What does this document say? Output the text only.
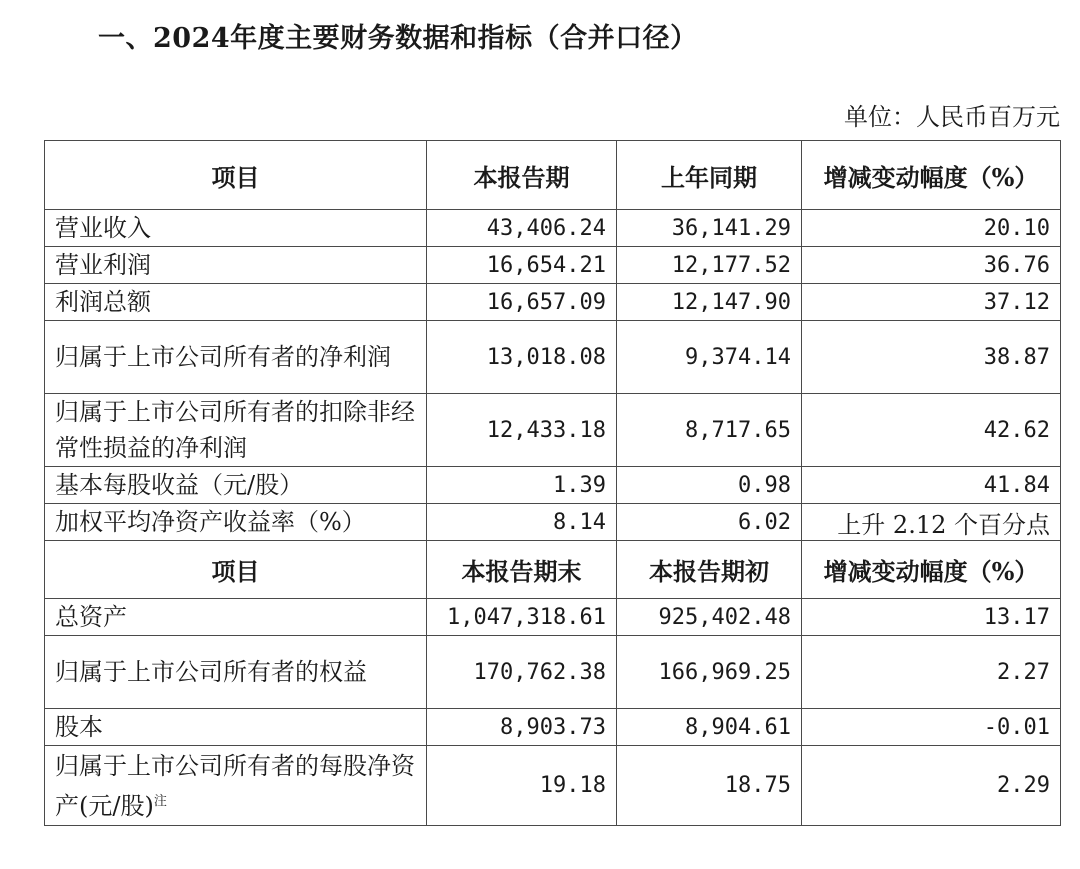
一、2024年度主要财务数据和指标（合并口径）
单位：人民币百万元
项目	本报告期	上年同期	增减变动幅度（%）
营业收入	43,406.24	36,141.29	20.10
营业利润	16,654.21	12,177.52	36.76
利润总额	16,657.09	12,147.90	37.12
归属于上市公司所有者的净利润	13,018.08	9,374.14	38.87
归属于上市公司所有者的扣除非经常性损益的净利润	12,433.18	8,717.65	42.62
基本每股收益（元/股）	1.39	0.98	41.84
加权平均净资产收益率（%）	8.14	6.02	上升 2.12 个百分点
项目	本报告期末	本报告期初	增减变动幅度（%）
总资产	1,047,318.61	925,402.48	13.17
归属于上市公司所有者的权益	170,762.38	166,969.25	2.27
股本	8,903.73	8,904.61	-0.01
归属于上市公司所有者的每股净资产(元/股)$^注$	19.18	18.75	2.29
